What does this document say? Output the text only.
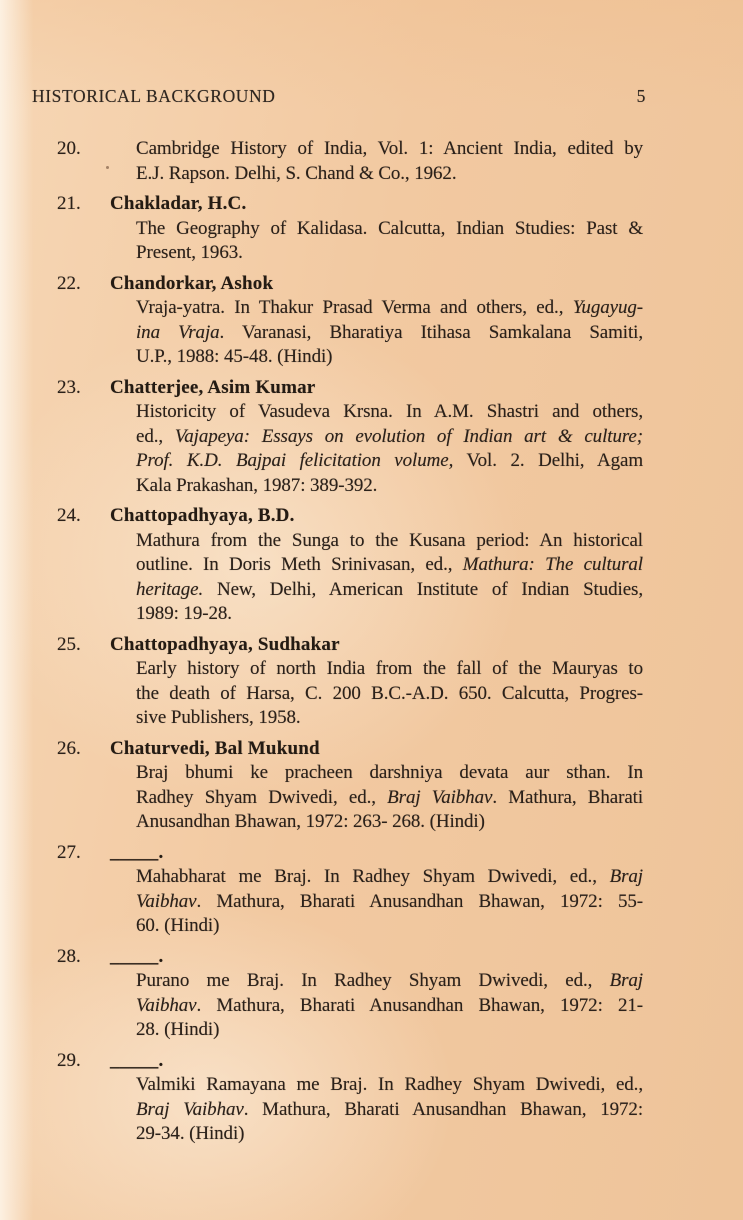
HISTORICAL BACKGROUND	5
20.	Cambridge History of India, Vol. 1: Ancient India, edited by
E.J. Rapson. Delhi, S. Chand & Co., 1962.
21.	Chakladar, H.C.
The Geography of Kalidasa. Calcutta, Indian Studies: Past &
Present, 1963.
22.	Chandorkar, Ashok
Vraja-yatra. In Thakur Prasad Verma and others, ed., Yugayug-
ina Vraja. Varanasi, Bharatiya Itihasa Samkalana Samiti,
U.P., 1988: 45-48. (Hindi)
23.	Chatterjee, Asim Kumar
Historicity of Vasudeva Krsna. In A.M. Shastri and others,
ed., Vajapeya: Essays on evolution of Indian art & culture;
Prof. K.D. Bajpai felicitation volume, Vol. 2. Delhi, Agam
Kala Prakashan, 1987: 389-392.
24.	Chattopadhyaya, B.D.
Mathura from the Sunga to the Kusana period: An historical
outline. In Doris Meth Srinivasan, ed., Mathura: The cultural
heritage. New, Delhi, American Institute of Indian Studies,
1989: 19-28.
25.	Chattopadhyaya, Sudhakar
Early history of north India from the fall of the Mauryas to
the death of Harsa, C. 200 B.C.-A.D. 650. Calcutta, Progres-
sive Publishers, 1958.
26.	Chaturvedi, Bal Mukund
Braj bhumi ke pracheen darshniya devata aur sthan. In
Radhey Shyam Dwivedi, ed., Braj Vaibhav. Mathura, Bharati
Anusandhan Bhawan, 1972: 263- 268. (Hindi)
27.	_____.
Mahabharat me Braj. In Radhey Shyam Dwivedi, ed., Braj
Vaibhav. Mathura, Bharati Anusandhan Bhawan, 1972: 55-
60. (Hindi)
28.	_____.
Purano me Braj. In Radhey Shyam Dwivedi, ed., Braj
Vaibhav. Mathura, Bharati Anusandhan Bhawan, 1972: 21-
28. (Hindi)
29.	_____.
Valmiki Ramayana me Braj. In Radhey Shyam Dwivedi, ed.,
Braj Vaibhav. Mathura, Bharati Anusandhan Bhawan, 1972:
29-34. (Hindi)
